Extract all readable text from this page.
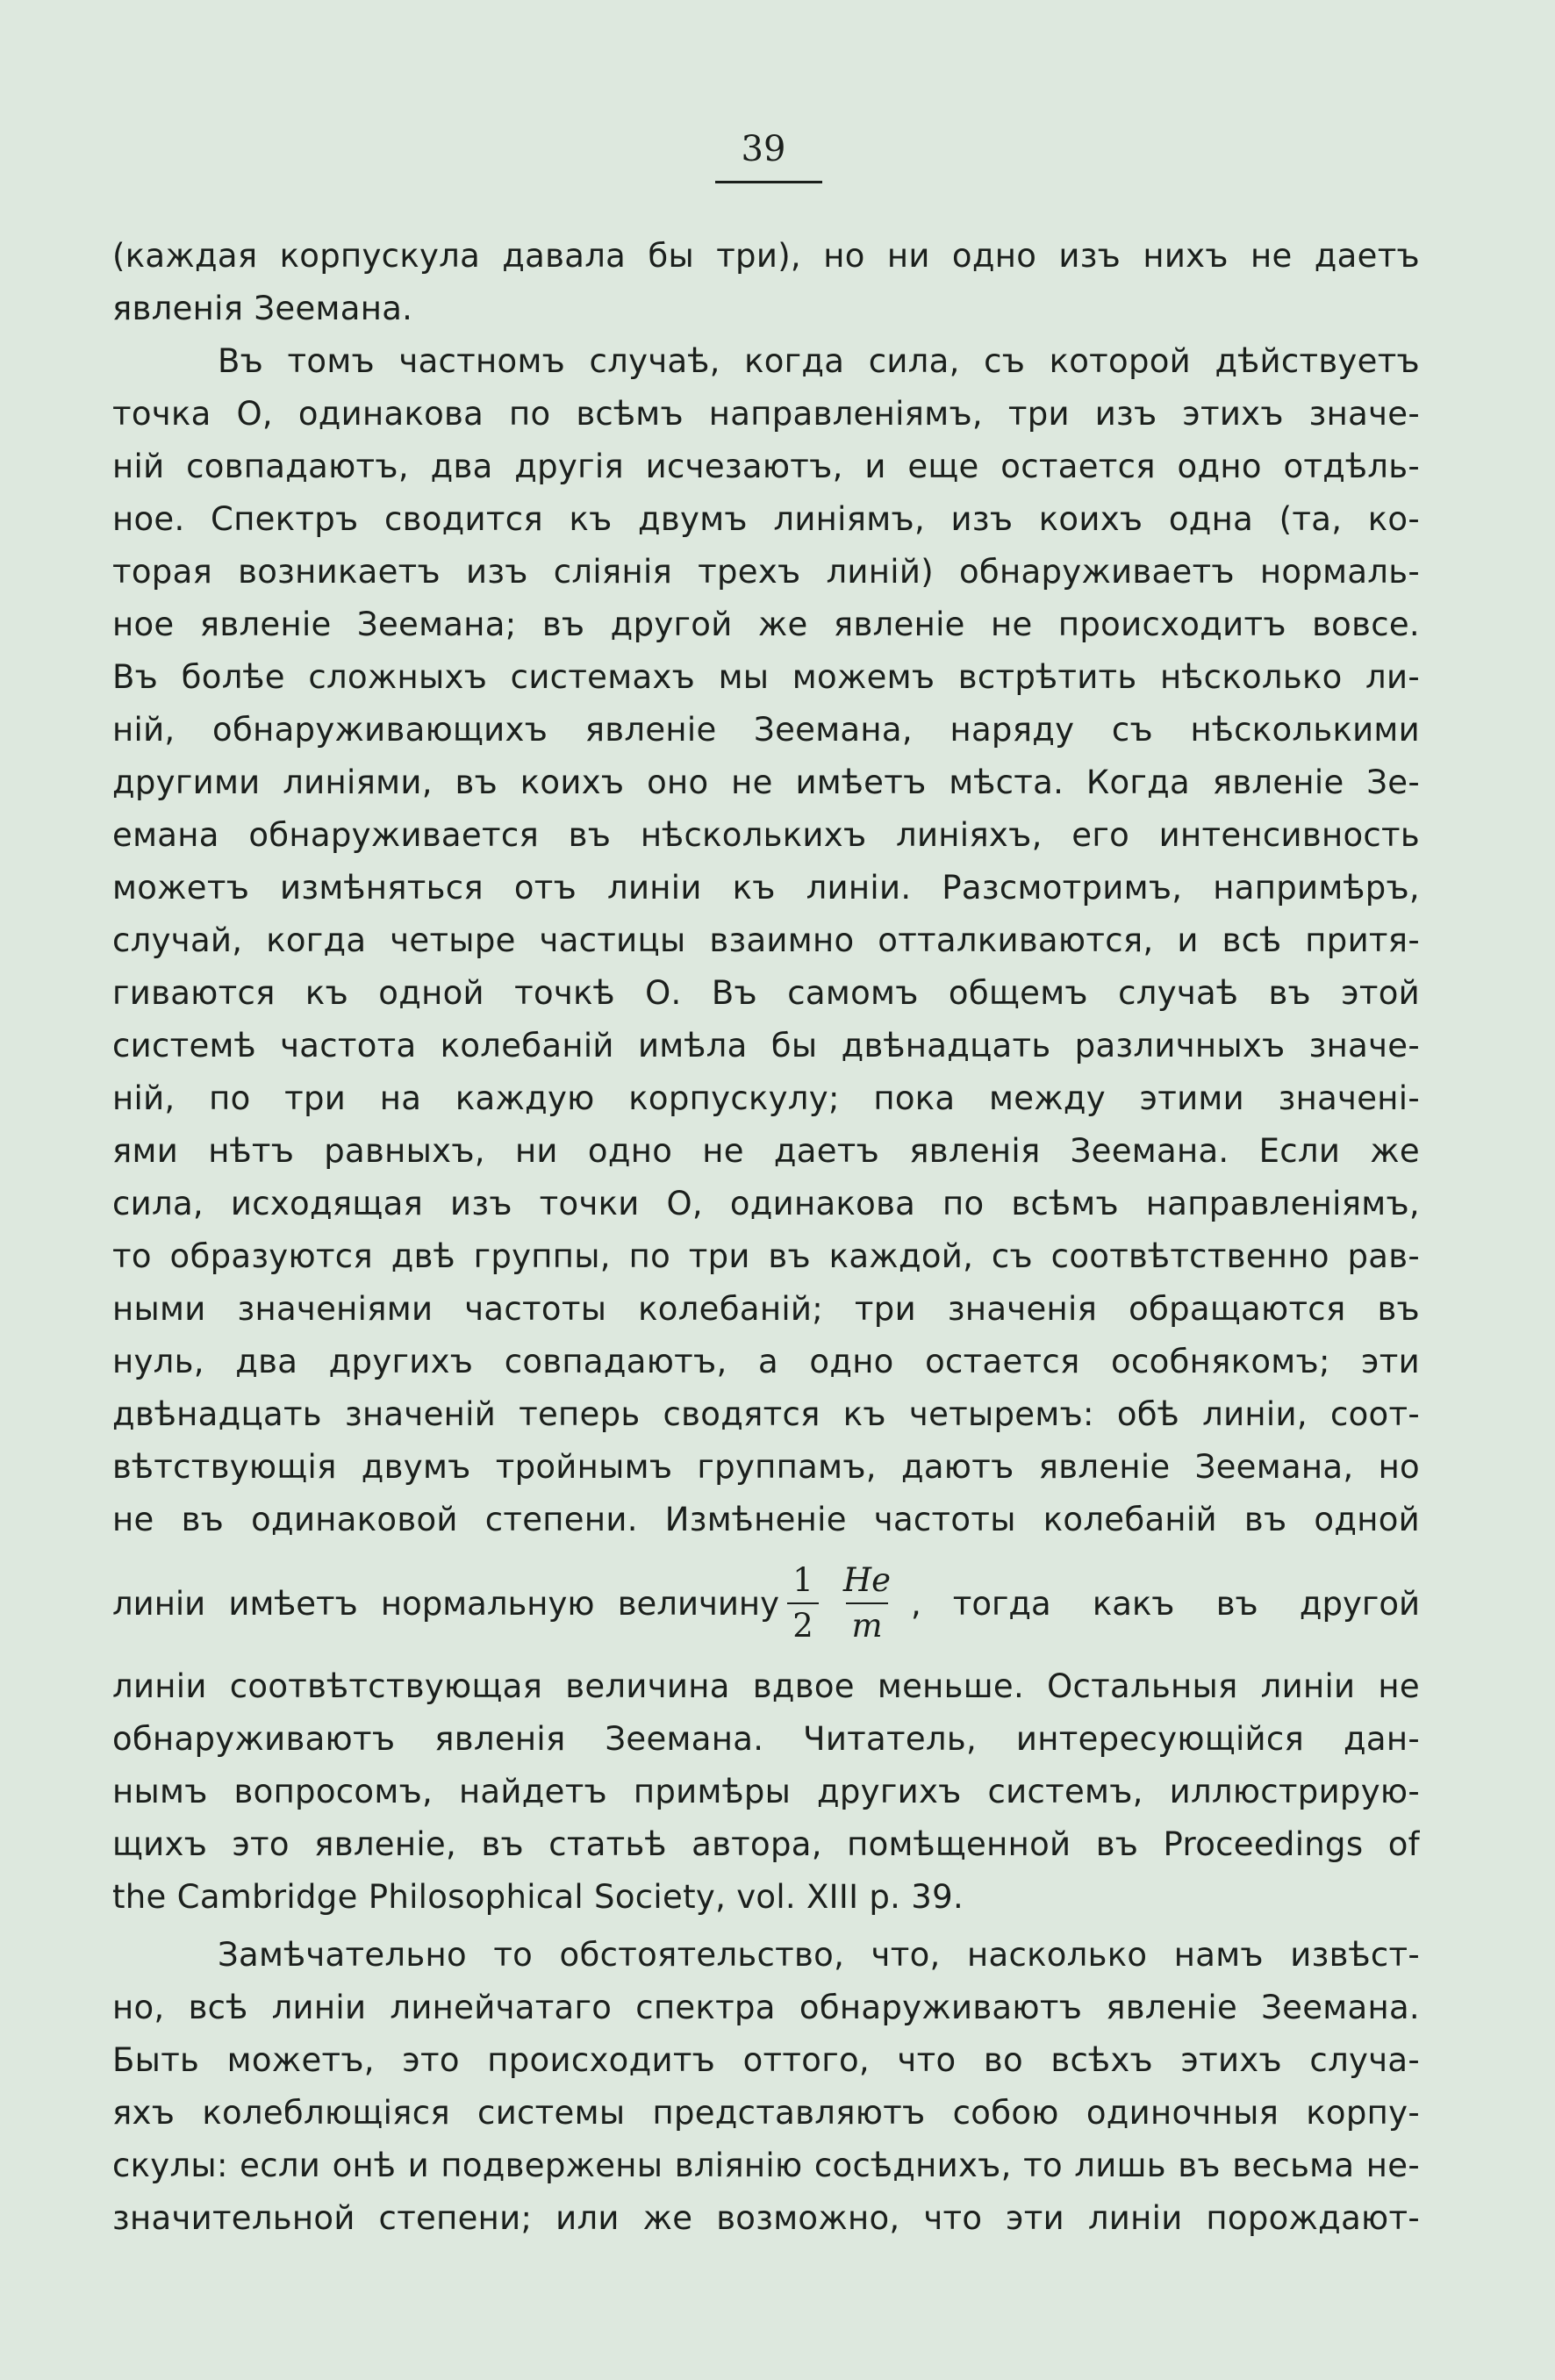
39
(каждая корпускула давала бы три), но ни одно изъ нихъ не даетъ
явленія Зеемана.
Въ томъ частномъ случаѣ, когда сила, съ которой дѣйствуетъ
точка О, одинакова по всѣмъ направленіямъ, три изъ этихъ значе-
ній совпадаютъ, два другія исчезаютъ, и еще остается одно отдѣль-
ное. Спектръ сводится къ двумъ линіямъ, изъ коихъ одна (та, ко-
торая возникаетъ изъ слiянiя трехъ линій) обнаруживаетъ нормаль-
ное явленіе Зеемана; въ другой же явленіе не происходитъ вовсе.
Въ болѣе сложныхъ системахъ мы можемъ встрѣтить нѣсколько ли-
ній, обнаруживающихъ явленіе Зеемана, наряду съ нѣсколькими
другими линіями, въ коихъ оно не имѣетъ мѣста. Когда явленіе Зе-
емана обнаруживается въ нѣсколькихъ линіяхъ, его интенсивность
можетъ измѣняться отъ линіи къ линіи. Разсмотримъ, напримѣръ,
случай, когда четыре частицы взаимно отталкиваются, и всѣ притя-
гиваются къ одной точкѣ О. Въ самомъ общемъ случаѣ въ этой
системѣ частота колебаній имѣла бы двѣнадцать различныхъ значе-
ній, по три на каждую корпускулу; пока между этими значені-
ями нѣтъ равныхъ, ни одно не даетъ явленія Зеемана. Если же
сила, исходящая изъ точки О, одинакова по всѣмъ направленіямъ,
то образуются двѣ группы, по три въ каждой, съ соотвѣтственно рав-
ными значеніями частоты колебаній; три значенія обращаются въ
нуль, два другихъ совпадаютъ, а одно остается особнякомъ; эти
двѣнадцать значеній теперь сводятся къ четыремъ: обѣ линіи, соот-
вѣтствующія двумъ тройнымъ группамъ, даютъ явленіе Зеемана, но
не въ одинаковой степени. Измѣненіе частоты колебаній въ одной
линіи имѣетъ нормальную величину $\frac{1}{2} \frac{He}{m}$ , тогда какъ въ другой
линіи соотвѣтствующая величина вдвое меньше. Остальныя линіи не
обнаруживаютъ явленія Зеемана. Читатель, интересующійся дан-
нымъ вопросомъ, найдетъ примѣры другихъ системъ, иллюстрирую-
щихъ это явленіе, въ статьѣ автора, помѣщенной въ Proceedings of
the Cambridge Philosophical Society, vol. XIII p. 39.
Замѣчательно то обстоятельство, что, насколько намъ извѣст-
но, всѣ линіи линейчатаго спектра обнаруживаютъ явленіе Зеемана.
Быть можетъ, это происходитъ оттого, что во всѣхъ этихъ случа-
яхъ колеблющіяся системы представляютъ собою одиночныя корпу-
скулы: если онѣ и подвержены вліянію сосѣднихъ, то лишь въ весьма не-
значительной степени; или же возможно, что эти линіи порождают-
